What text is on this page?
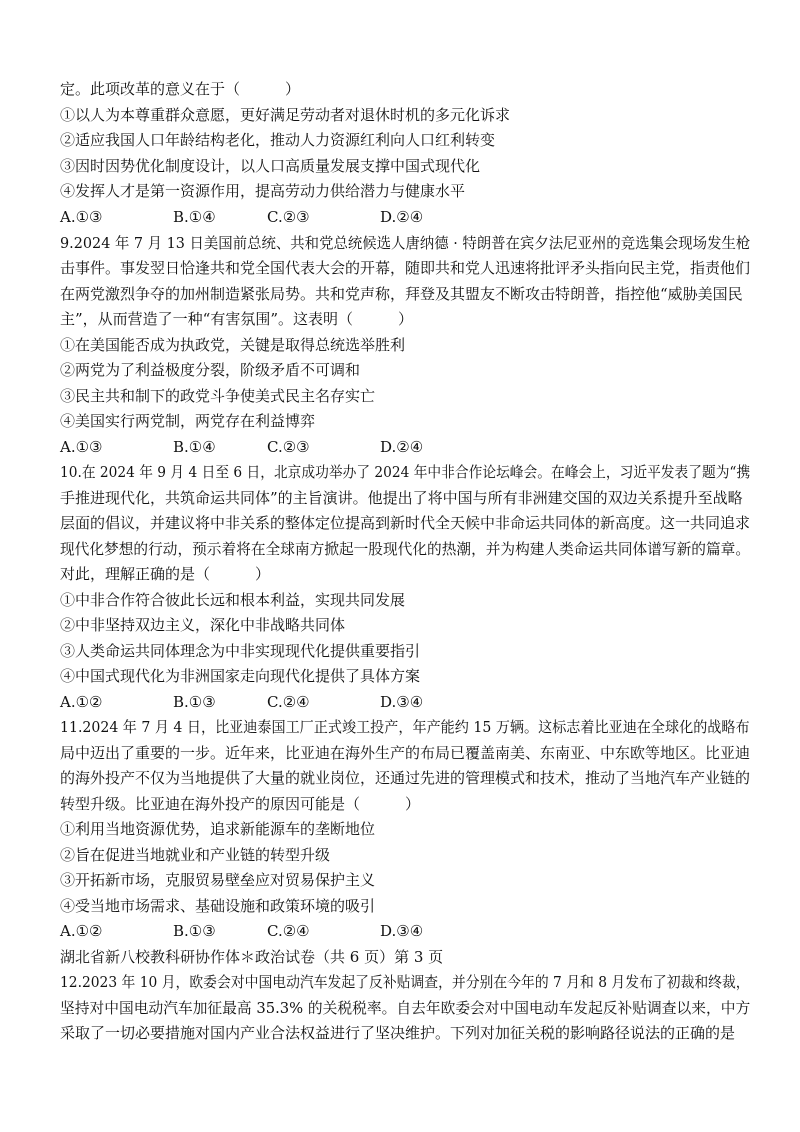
定。此项改革的意义在于（　　　）
①以人为本尊重群众意愿，更好满足劳动者对退休时机的多元化诉求
②适应我国人口年龄结构老化，推动人力资源红利向人口红利转变
③因时因势优化制度设计，以人口高质量发展支撑中国式现代化
④发挥人才是第一资源作用，提高劳动力供给潜力与健康水平
A.①③	B.①④	C.②③	D.②④
9.2024 年 7 月 13 日美国前总统、共和党总统候选人唐纳德 · 特朗普在宾夕法尼亚州的竞选集会现场发生枪
击事件。事发翌日恰逢共和党全国代表大会的开幕，随即共和党人迅速将批评矛头指向民主党，指责他们
在两党激烈争夺的加州制造紧张局势。共和党声称，拜登及其盟友不断攻击特朗普，指控他“威胁美国民
主”，从而营造了一种“有害氛围”。这表明（　　　）
①在美国能否成为执政党，关键是取得总统选举胜利
②两党为了利益极度分裂，阶级矛盾不可调和
③民主共和制下的政党斗争使美式民主名存实亡
④美国实行两党制，两党存在利益博弈
A.①③	B.①④	C.②③	D.②④
10.在 2024 年 9 月 4 日至 6 日，北京成功举办了 2024 年中非合作论坛峰会。在峰会上，习近平发表了题为“携
手推进现代化，共筑命运共同体”的主旨演讲。他提出了将中国与所有非洲建交国的双边关系提升至战略
层面的倡议，并建议将中非关系的整体定位提高到新时代全天候中非命运共同体的新高度。这一共同追求
现代化梦想的行动，预示着将在全球南方掀起一股现代化的热潮，并为构建人类命运共同体谱写新的篇章。
对此，理解正确的是（　　　）
①中非合作符合彼此长远和根本利益，实现共同发展
②中非坚持双边主义，深化中非战略共同体
③人类命运共同体理念为中非实现现代化提供重要指引
④中国式现代化为非洲国家走向现代化提供了具体方案
A.①②	B.①③	C.②④	D.③④
11.2024 年 7 月 4 日，比亚迪泰国工厂正式竣工投产，年产能约 15 万辆。这标志着比亚迪在全球化的战略布
局中迈出了重要的一步。近年来，比亚迪在海外生产的布局已覆盖南美、东南亚、中东欧等地区。比亚迪
的海外投产不仅为当地提供了大量的就业岗位，还通过先进的管理模式和技术，推动了当地汽车产业链的
转型升级。比亚迪在海外投产的原因可能是（　　　）
①利用当地资源优势，追求新能源车的垄断地位
②旨在促进当地就业和产业链的转型升级
③开拓新市场，克服贸易壁垒应对贸易保护主义
④受当地市场需求、基础设施和政策环境的吸引
A.①②	B.①③	C.②④	D.③④
湖北省新八校教科研协作体＊政治试卷（共 6 页）第 3 页
12.2023 年 10 月，欧委会对中国电动汽车发起了反补贴调查，并分别在今年的 7 月和 8 月发布了初裁和终裁，
坚持对中国电动汽车加征最高 35.3% 的关税税率。自去年欧委会对中国电动车发起反补贴调查以来，中方
采取了一切必要措施对国内产业合法权益进行了坚决维护。下列对加征关税的影响路径说法的正确的是
